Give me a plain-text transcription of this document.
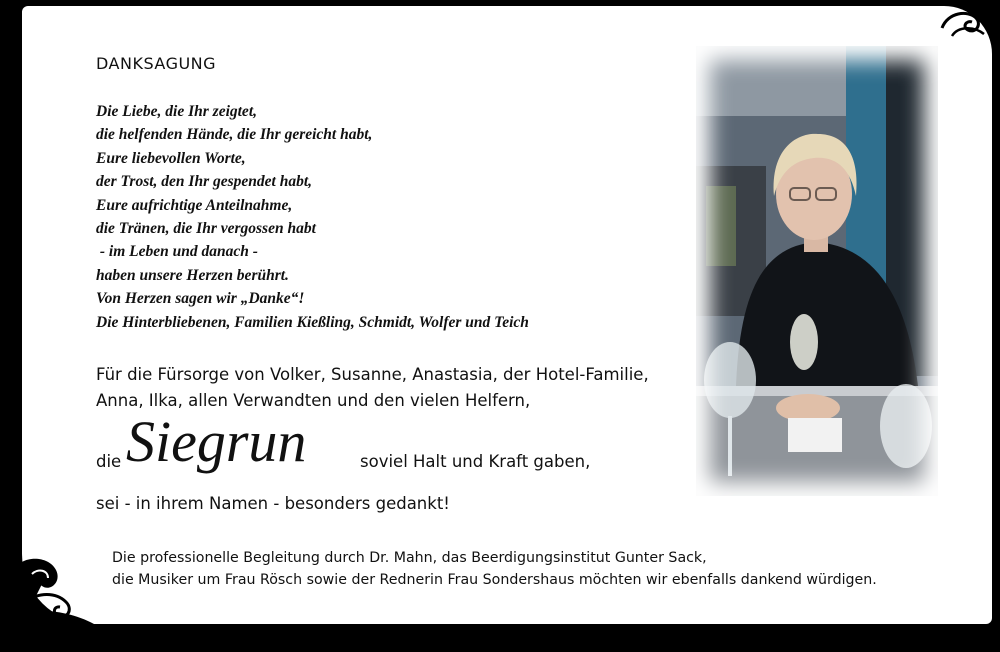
DANKSAGUNG
Die Liebe, die Ihr zeigtet,
die helfenden Hände, die Ihr gereicht habt,
Eure liebevollen Worte,
der Trost, den Ihr gespendet habt,
Eure aufrichtige Anteilnahme,
die Tränen, die Ihr vergossen habt
- im Leben und danach -
haben unsere Herzen berührt.
Von Herzen sagen wir „Danke“!
Die Hinterbliebenen, Familien Kießling, Schmidt, Wolfer und Teich
Für die Fürsorge von Volker, Susanne, Anastasia, der Hotel-Familie,
Anna, Ilka, allen Verwandten und den vielen Helfern,
die Siegrun	soviel Halt und Kraft gaben,
sei - in ihrem Namen - besonders gedankt!
Die professionelle Begleitung durch Dr. Mahn, das Beerdigungsinstitut Gunter Sack,
die Musiker um Frau Rösch sowie der Rednerin Frau Sondershaus möchten wir ebenfalls dankend würdigen.
